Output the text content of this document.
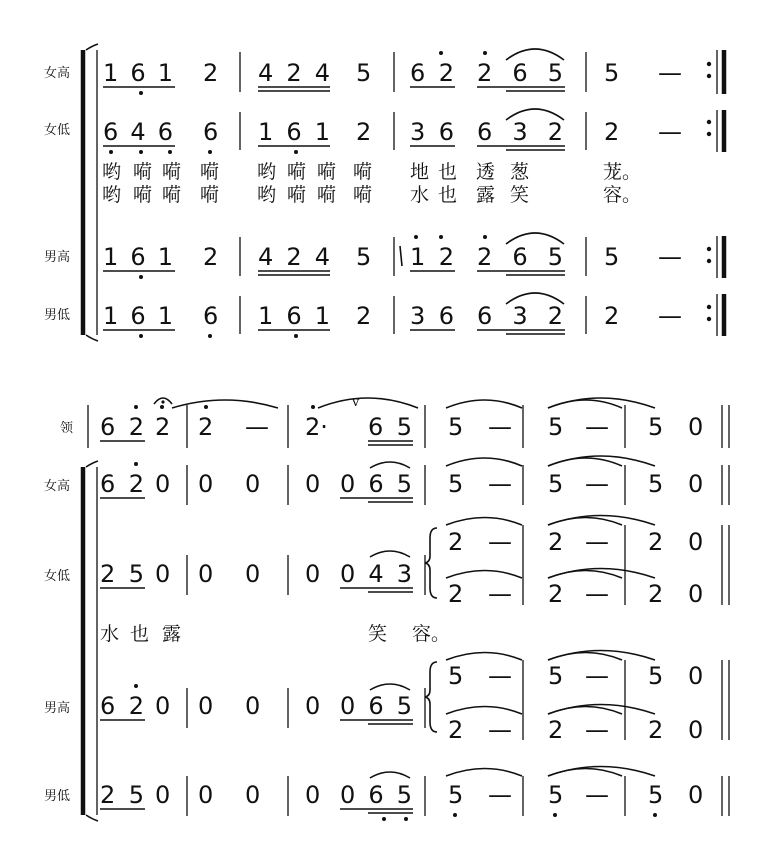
女高
女低
男高
男低
1 6 1 2 4 2 4 5 6 2 2 6 5 5 —
6 4 6 6 1 6 1 2 3 6 6 3 2 2 —
哟 嗬 嗬 嗬 哟 嗬 嗬 嗬 地 也 透 葱	茏。
哟 嗬 嗬 嗬 哟 嗬 嗬 嗬 水 也 露 笑	容。
1 6 1 2 4 2 4 5 1 2 2 6 5 5 —
1 6 1 6 1 6 1 2 3 6 6 3 2 2 —
领
女高
女低
男高
男低
6 2 2 2 — 2· 6 5 5 — 5 — 5 0
v
6 2 0 0 0 0 0 6 5 5 — 5 — 5 0
2 5 0 0 0 0 0 4 3
2 — 2 — 2 0
2 — 2 — 2 0
水 也 露	笑 容。
6 2 0 0 0 0 0 6 5
5 — 5 — 5 0
2 — 2 — 2 0
2 5 0 0 0 0 0 6 5 5 — 5 — 5 0
